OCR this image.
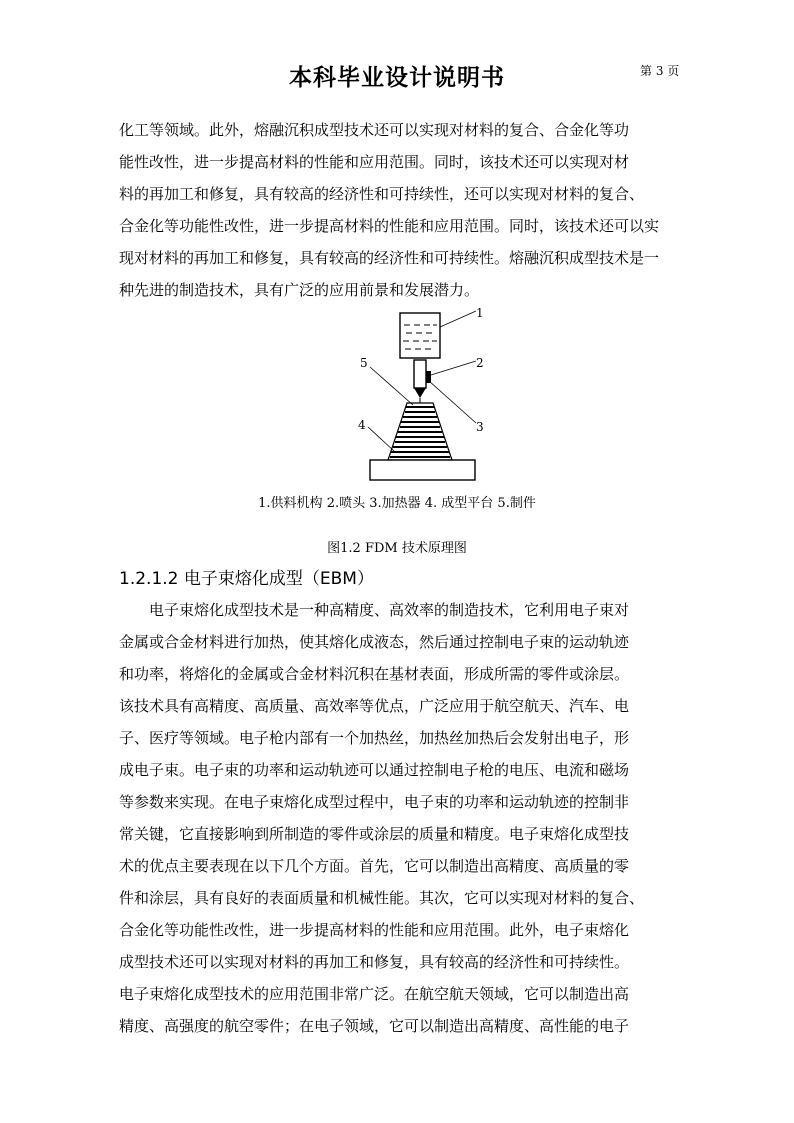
本科毕业设计说明书	第 3 页
化工等领域。此外，熔融沉积成型技术还可以实现对材料的复合、合金化等功
能性改性，进一步提高材料的性能和应用范围。同时，该技术还可以实现对材
料的再加工和修复，具有较高的经济性和可持续性，还可以实现对材料的复合、
合金化等功能性改性，进一步提高材料的性能和应用范围。同时，该技术还可以实
现对材料的再加工和修复，具有较高的经济性和可持续性。熔融沉积成型技术是一
种先进的制造技术，具有广泛的应用前景和发展潜力。
1
2
3
4
5
1.供料机构 2.喷头 3.加热器 4. 成型平台 5.制件
图1.2 FDM 技术原理图
1.2.1.2 电子束熔化成型（EBM）
　　电子束熔化成型技术是一种高精度、高效率的制造技术，它利用电子束对
金属或合金材料进行加热，使其熔化成液态，然后通过控制电子束的运动轨迹
和功率，将熔化的金属或合金材料沉积在基材表面，形成所需的零件或涂层。
该技术具有高精度、高质量、高效率等优点，广泛应用于航空航天、汽车、电
子、医疗等领域。电子枪内部有一个加热丝，加热丝加热后会发射出电子，形
成电子束。电子束的功率和运动轨迹可以通过控制电子枪的电压、电流和磁场
等参数来实现。在电子束熔化成型过程中，电子束的功率和运动轨迹的控制非
常关键，它直接影响到所制造的零件或涂层的质量和精度。电子束熔化成型技
术的优点主要表现在以下几个方面。首先，它可以制造出高精度、高质量的零
件和涂层，具有良好的表面质量和机械性能。其次，它可以实现对材料的复合、
合金化等功能性改性，进一步提高材料的性能和应用范围。此外，电子束熔化
成型技术还可以实现对材料的再加工和修复，具有较高的经济性和可持续性。
电子束熔化成型技术的应用范围非常广泛。在航空航天领域，它可以制造出高
精度、高强度的航空零件；在电子领域，它可以制造出高精度、高性能的电子
